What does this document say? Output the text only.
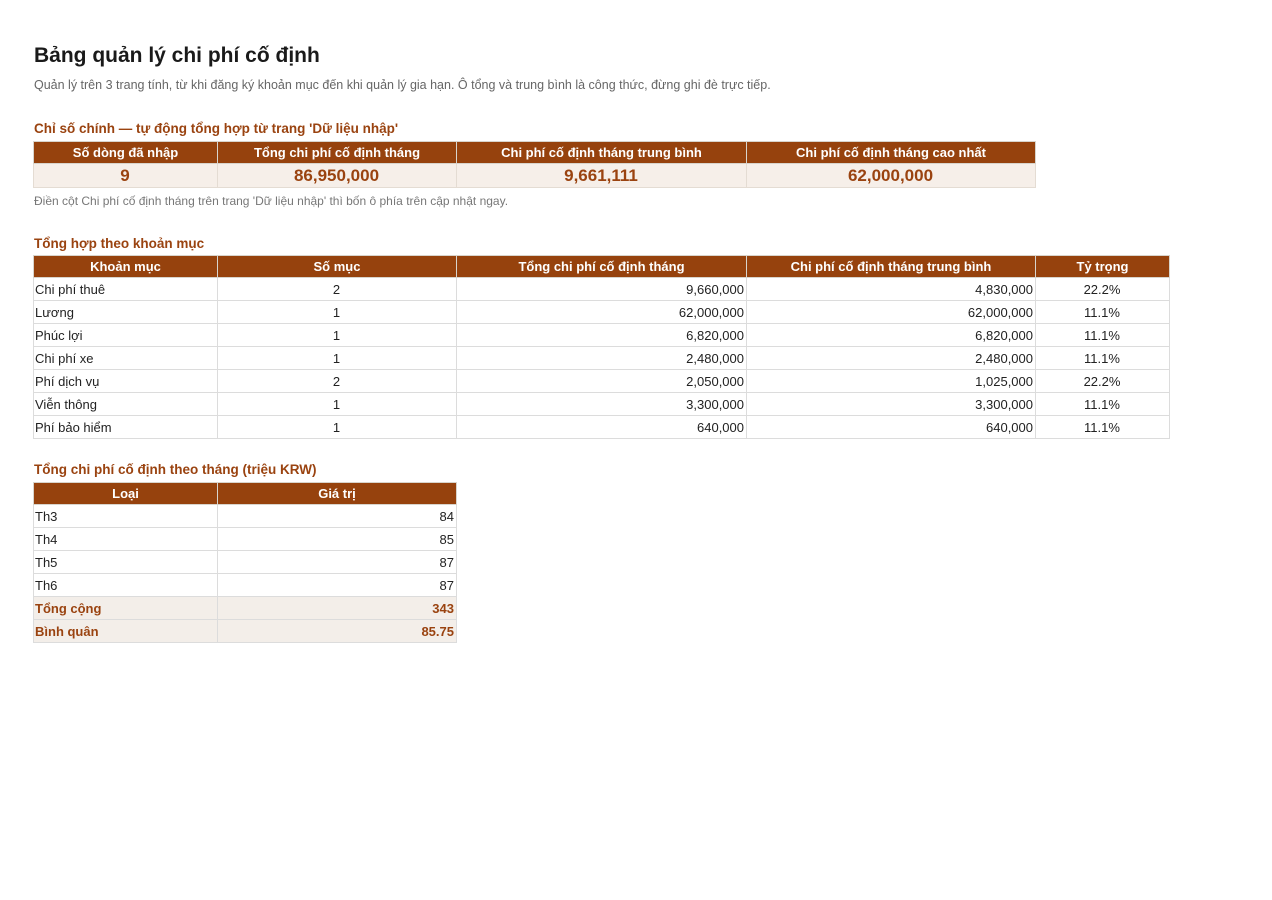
Bảng quản lý chi phí cố định
Quản lý trên 3 trang tính, từ khi đăng ký khoản mục đến khi quản lý gia hạn. Ô tổng và trung bình là công thức, đừng ghi đè trực tiếp.
Chỉ số chính — tự động tổng hợp từ trang 'Dữ liệu nhập'
Số dòng đã nhập	Tổng chi phí cố định tháng	Chi phí cố định tháng trung bình	Chi phí cố định tháng cao nhất
9	86,950,000	9,661,111	62,000,000
Điền cột Chi phí cố định tháng trên trang 'Dữ liệu nhập' thì bốn ô phía trên cập nhật ngay.
Tổng hợp theo khoản mục
Khoản mục	Số mục	Tổng chi phí cố định tháng	Chi phí cố định tháng trung bình	Tỷ trọng
Chi phí thuê	2	9,660,000	4,830,000	22.2%
Lương	1	62,000,000	62,000,000	11.1%
Phúc lợi	1	6,820,000	6,820,000	11.1%
Chi phí xe	1	2,480,000	2,480,000	11.1%
Phí dịch vụ	2	2,050,000	1,025,000	22.2%
Viễn thông	1	3,300,000	3,300,000	11.1%
Phí bảo hiểm	1	640,000	640,000	11.1%
Tổng chi phí cố định theo tháng (triệu KRW)
Loại	Giá trị
Th3	84
Th4	85
Th5	87
Th6	87
Tổng cộng	343
Bình quân	85.75
